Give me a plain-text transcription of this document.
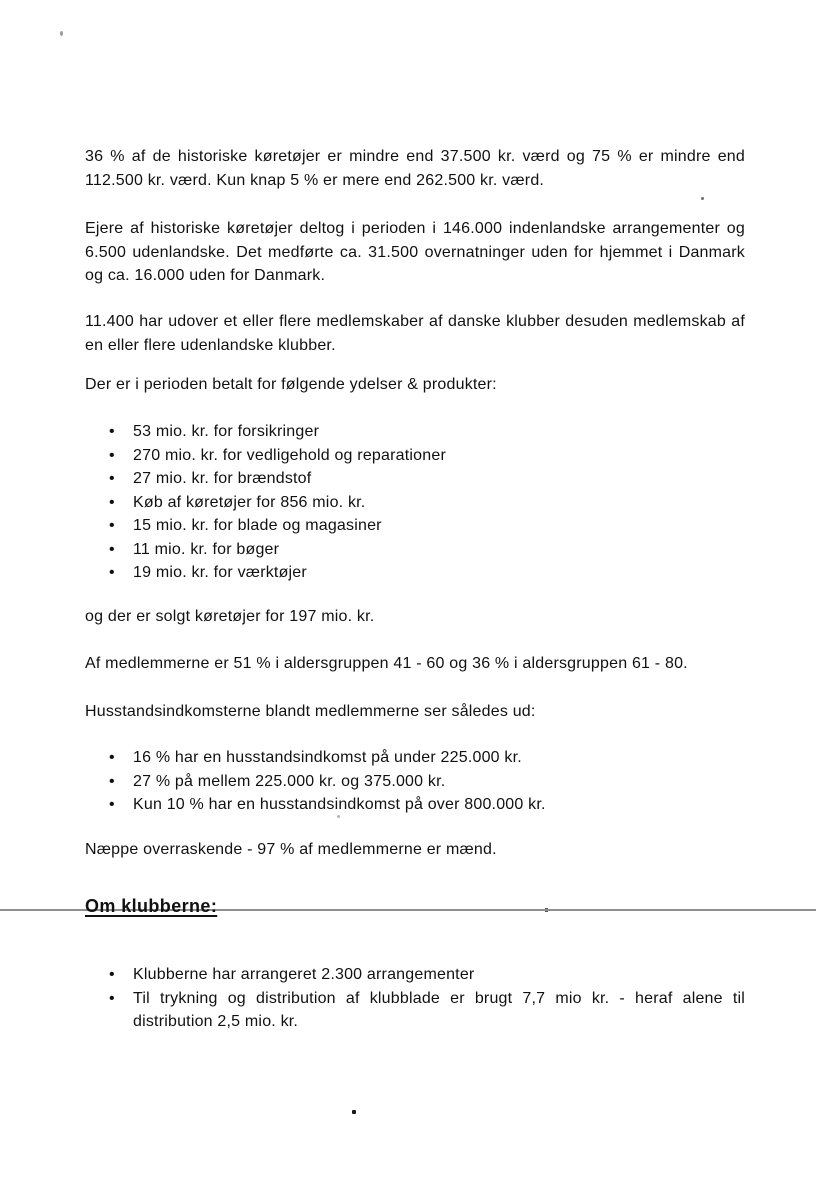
36 % af de historiske køretøjer er mindre end 37.500 kr. værd og 75 % er mindre end 112.500 kr. værd. Kun knap 5 % er mere end 262.500 kr. værd.

Ejere af historiske køretøjer deltog i perioden i 146.000 indenlandske arrangementer og 6.500 udenlandske. Det medførte ca. 31.500 overnatninger uden for hjemmet i Danmark og ca. 16.000 uden for Danmark.

11.400 har udover et eller flere medlemskaber af danske klubber desuden medlemskab af en eller flere udenlandske klubber.

Der er i perioden betalt for følgende ydelser & produkter:

• 53 mio. kr. for forsikringer
• 270 mio. kr. for vedligehold og reparationer
• 27 mio. kr. for brændstof
• Køb af køretøjer for 856 mio. kr.
• 15 mio. kr. for blade og magasiner
• 11 mio. kr. for bøger
• 19 mio. kr. for værktøjer

og der er solgt køretøjer for 197 mio. kr.

Af medlemmerne er 51 % i aldersgruppen 41 - 60 og 36 % i aldersgruppen 61 - 80.

Husstandsindkomsterne blandt medlemmerne ser således ud:

• 16 % har en husstandsindkomst på under 225.000 kr.
• 27 % på mellem 225.000 kr. og 375.000 kr.
• Kun 10 % har en husstandsindkomst på over 800.000 kr.

Næppe overraskende - 97 % af medlemmerne er mænd.

Om klubberne:
• Klubberne har arrangeret 2.300 arrangementer
• Til trykning og distribution af klubblade er brugt 7,7 mio kr. - heraf alene til distribution 2,5 mio. kr.
